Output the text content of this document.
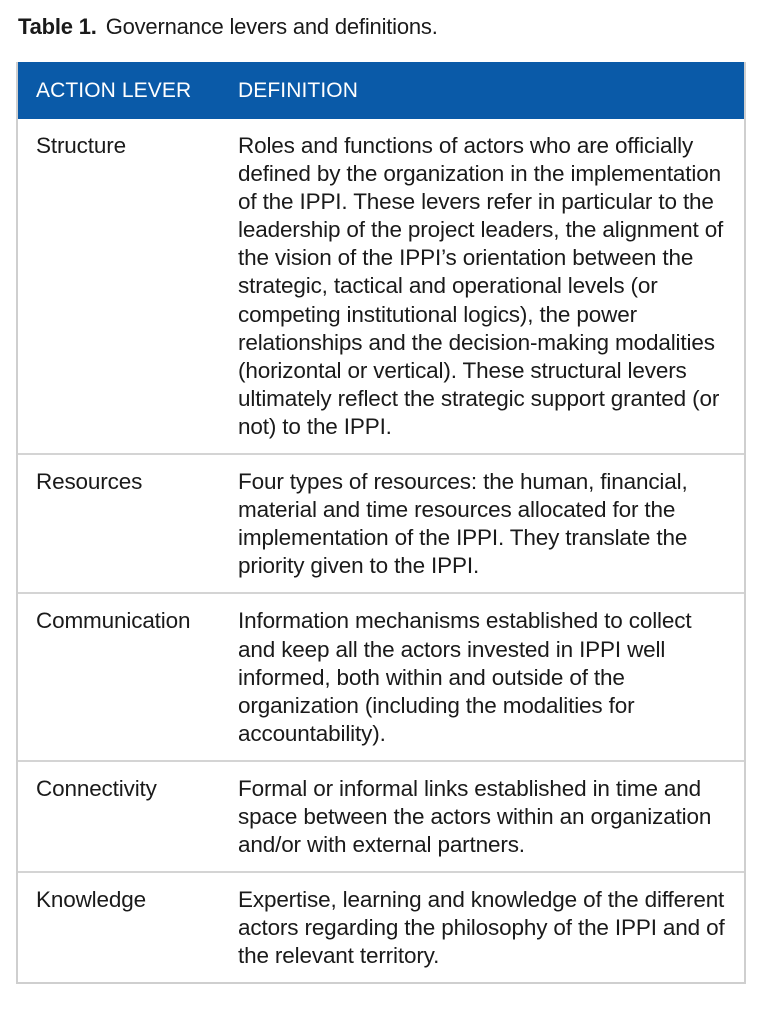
Table 1. Governance levers and definitions.
ACTION LEVER	DEFINITION
Structure	Roles and functions of actors who are officially defined by the organization in the implementation of the IPPI. These levers refer in particular to the leadership of the project leaders, the alignment of the vision of the IPPI’s orientation between the strategic, tactical and operational levels (or competing institutional logics), the power relationships and the decision-making modalities (horizontal or vertical). These structural levers ultimately reflect the strategic support granted (or not) to the IPPI.
Resources	Four types of resources: the human, financial, material and time resources allocated for the implementation of the IPPI. They translate the priority given to the IPPI.
Communication	Information mechanisms established to collect and keep all the actors invested in IPPI well informed, both within and outside of the organization (including the modalities for accountability).
Connectivity	Formal or informal links established in time and space between the actors within an organization and/or with external partners.
Knowledge	Expertise, learning and knowledge of the different actors regarding the philosophy of the IPPI and of the relevant territory.
